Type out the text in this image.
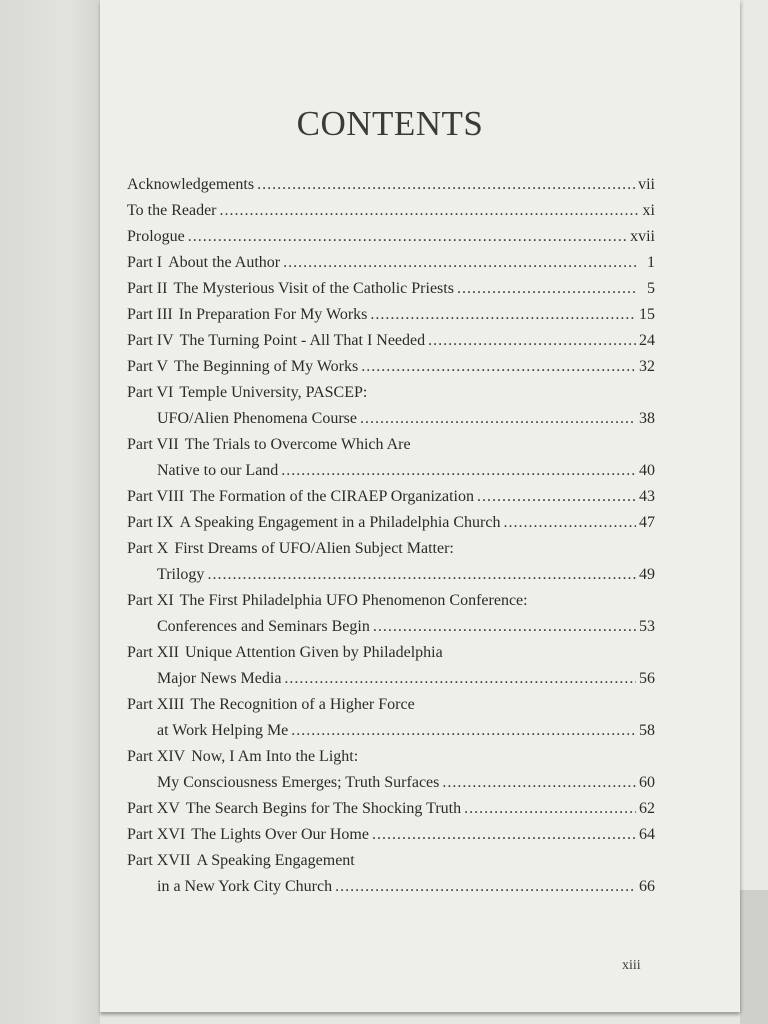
CONTENTS
Acknowledgements .....	vii
To the Reader .....	xi
Prologue .....	xvii
Part I About the Author .....	1
Part II The Mysterious Visit of the Catholic Priests .....	5
Part III In Preparation For My Works .....	15
Part IV The Turning Point - All That I Needed .....	24
Part V The Beginning of My Works .....	32
Part VI Temple University, PASCEP:
UFO/Alien Phenomena Course .....	38
Part VII The Trials to Overcome Which Are
Native to our Land .....	40
Part VIII The Formation of the CIRAEP Organization .....	43
Part IX A Speaking Engagement in a Philadelphia Church .....	47
Part X First Dreams of UFO/Alien Subject Matter:
Trilogy .....	49
Part XI The First Philadelphia UFO Phenomenon Conference:
Conferences and Seminars Begin .....	53
Part XII Unique Attention Given by Philadelphia
Major News Media .....	56
Part XIII The Recognition of a Higher Force
at Work Helping Me .....	58
Part XIV Now, I Am Into the Light:
My Consciousness Emerges; Truth Surfaces .....	60
Part XV The Search Begins for The Shocking Truth .....	62
Part XVI The Lights Over Our Home .....	64
Part XVII A Speaking Engagement
in a New York City Church .....	66
xiii
